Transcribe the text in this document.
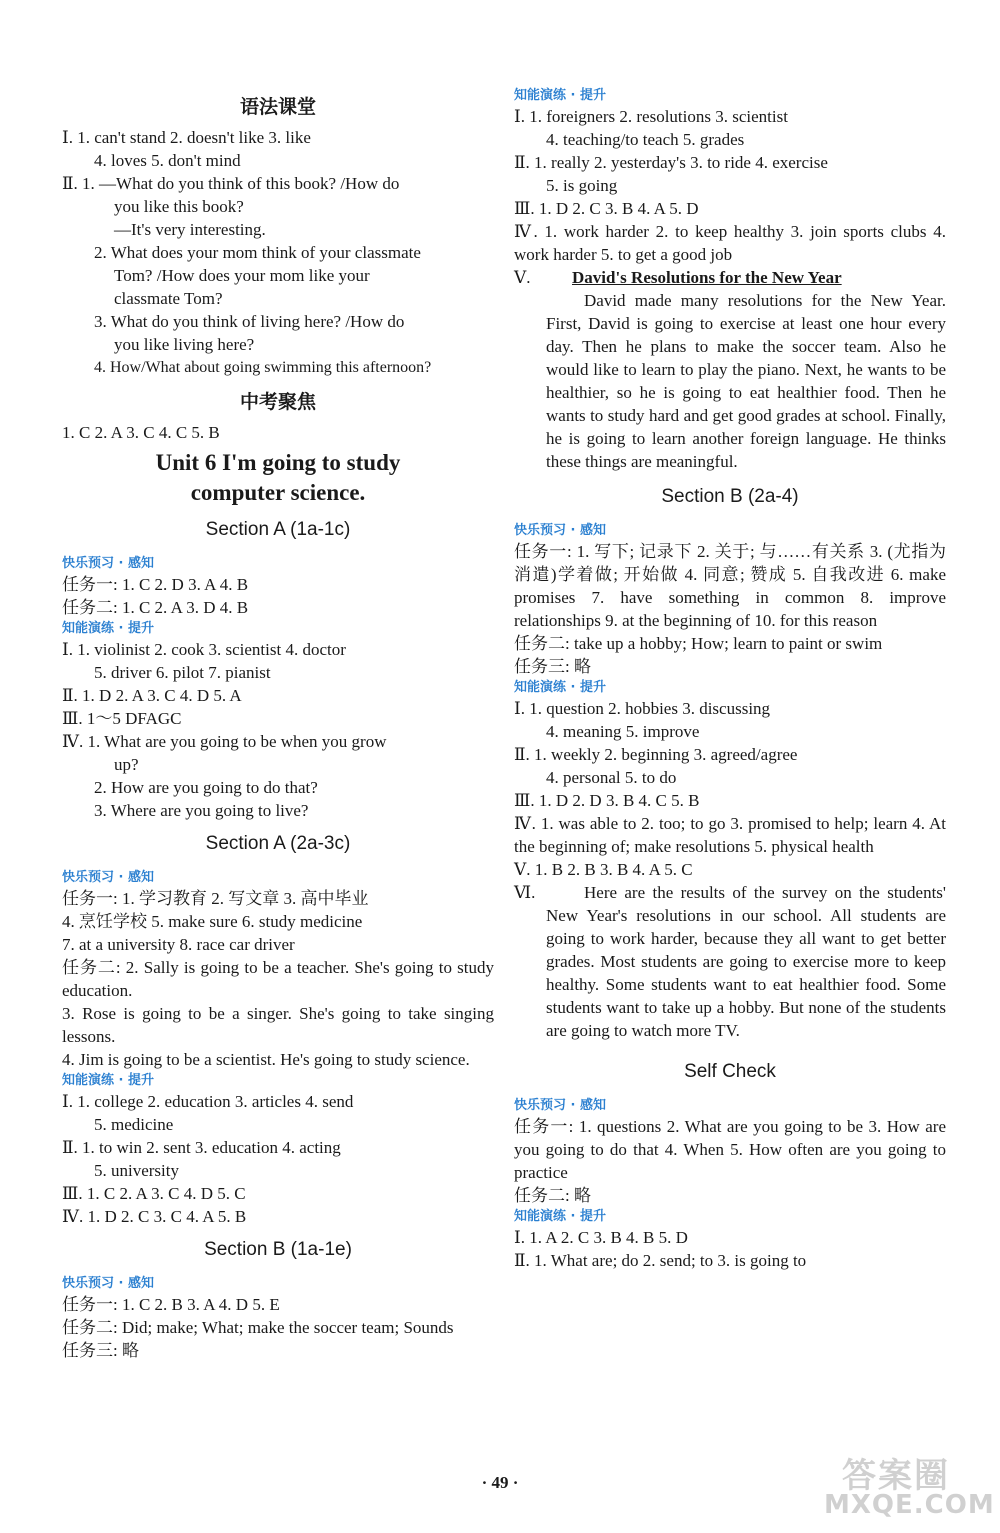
语法课堂
Ⅰ. 1. can't stand 2. doesn't like 3. like
4. loves 5. don't mind
Ⅱ. 1. —What do you think of this book? /How do
you like this book?
—It's very interesting.
2. What does your mom think of your classmate
Tom? /How does your mom like your
classmate Tom?
3. What do you think of living here? /How do
you like living here?
4. How/What about going swimming this afternoon?
中考聚焦
1. C 2. A 3. C 4. C 5. B
Unit 6 I'm going to study
computer science.
Section A (1a-1c)
快乐预习 · 感知
任务一: 1. C 2. D 3. A 4. B
任务二: 1. C 2. A 3. D 4. B
知能演练 · 提升
Ⅰ. 1. violinist 2. cook 3. scientist 4. doctor
5. driver 6. pilot 7. pianist
Ⅱ. 1. D 2. A 3. C 4. D 5. A
Ⅲ. 1～5 DFAGC
Ⅳ. 1. What are you going to be when you grow
up?
2. How are you going to do that?
3. Where are you going to live?
Section A (2a-3c)
快乐预习 · 感知
任务一: 1. 学习教育 2. 写文章 3. 高中毕业
4. 烹饪学校 5. make sure 6. study medicine
7. at a university 8. race car driver
任务二: 2. Sally is going to be a teacher. She's going to study education.
3. Rose is going to be a singer. She's going to take singing lessons.
4. Jim is going to be a scientist. He's going to study science.
知能演练 · 提升
Ⅰ. 1. college 2. education 3. articles 4. send
5. medicine
Ⅱ. 1. to win 2. sent 3. education 4. acting
5. university
Ⅲ. 1. C 2. A 3. C 4. D 5. C
Ⅳ. 1. D 2. C 3. C 4. A 5. B
Section B (1a-1e)
快乐预习 · 感知
任务一: 1. C 2. B 3. A 4. D 5. E
任务二: Did; make; What; make the soccer team; Sounds
任务三: 略
知能演练 · 提升
Ⅰ. 1. foreigners 2. resolutions 3. scientist
4. teaching/to teach 5. grades
Ⅱ. 1. really 2. yesterday's 3. to ride 4. exercise
5. is going
Ⅲ. 1. D 2. C 3. B 4. A 5. D
Ⅳ. 1. work harder 2. to keep healthy 3. join sports clubs 4. work harder 5. to get a good job
Ⅴ. David's Resolutions for the New Year
David made many resolutions for the New Year. First, David is going to exercise at least one hour every day. Then he plans to make the soccer team. Also he would like to learn to play the piano. Next, he wants to be healthier, so he is going to eat healthier food. Then he wants to study hard and get good grades at school. Finally, he is going to learn another foreign language. He thinks these things are meaningful.
Section B (2a-4)
快乐预习 · 感知
任务一: 1. 写下; 记录下 2. 关于; 与……有关系 3. (尤指为消遣)学着做; 开始做 4. 同意; 赞成 5. 自我改进 6. make promises 7. have something in common 8. improve relationships 9. at the beginning of 10. for this reason
任务二: take up a hobby; How; learn to paint or swim
任务三: 略
知能演练 · 提升
Ⅰ. 1. question 2. hobbies 3. discussing
4. meaning 5. improve
Ⅱ. 1. weekly 2. beginning 3. agreed/agree
4. personal 5. to do
Ⅲ. 1. D 2. D 3. B 4. C 5. B
Ⅳ. 1. was able to 2. too; to go 3. promised to help; learn 4. At the beginning of; make resolutions 5. physical health
Ⅴ. 1. B 2. B 3. B 4. A 5. C
Ⅵ.	Here are the results of the survey on the students' New Year's resolutions in our school. All students are going to work harder, because they all want to get better grades. Most students are going to exercise more to keep healthy. Some students want to eat healthier food. Some students want to take up a hobby. But none of the students are going to watch more TV.
Self Check
快乐预习 · 感知
任务一: 1. questions 2. What are you going to be 3. How are you going to do that 4. When 5. How often are you going to practice
任务二: 略
知能演练 · 提升
Ⅰ. 1. A 2. C 3. B 4. B 5. D
Ⅱ. 1. What are; do 2. send; to 3. is going to
· 49 ·	答案圈
MXQE.COM
